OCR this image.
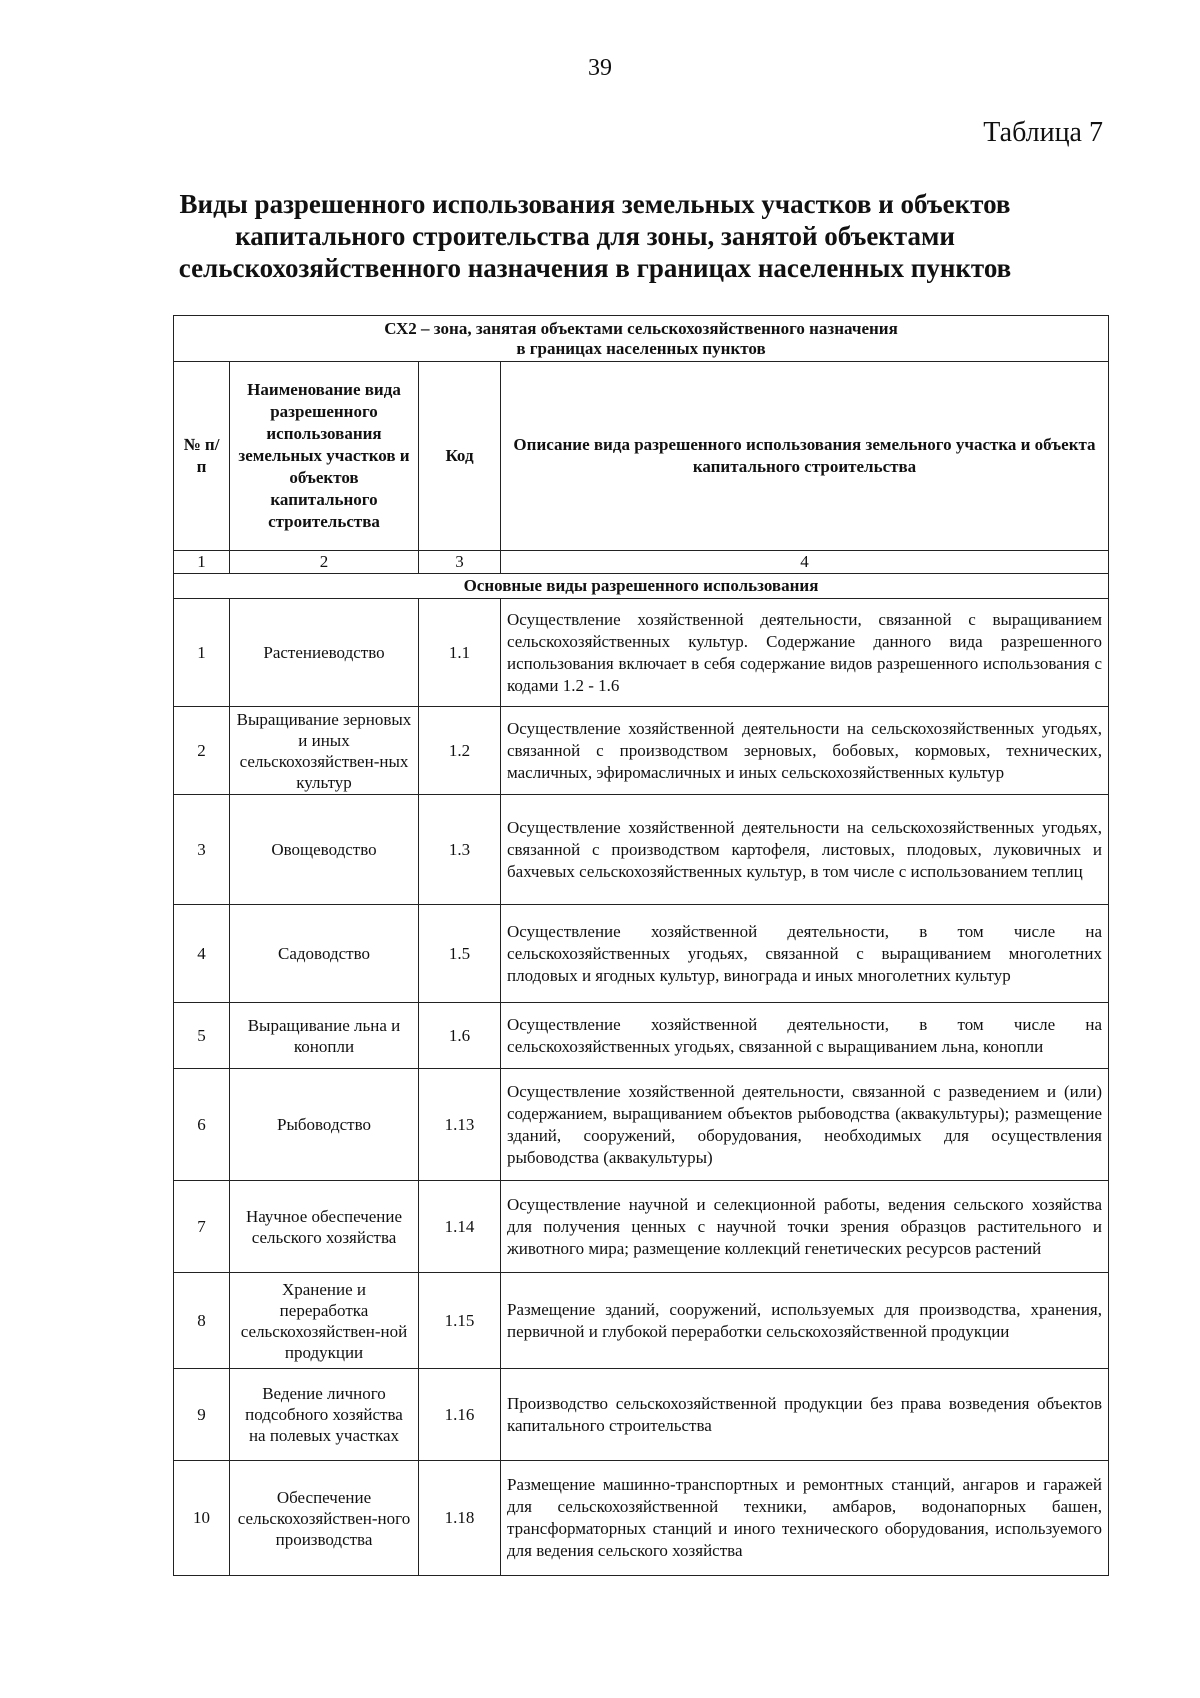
39
Таблица 7
Виды разрешенного использования земельных участков и объектов
капитального строительства для зоны, занятой объектами
сельскохозяйственного назначения в границах населенных пунктов
СХ2 – зона, занятая объектами сельскохозяйственного назначения
в границах населенных пунктов			

№ п/п	Наименование вида разрешенного использования земельных участков и объектов капитального строительства	Код	Описание вида разрешенного использования земельного участка и объекта капитального строительства
1	2	3	4
Основные виды разрешенного использования			
1	Растениеводство	1.1	Осуществление хозяйственной деятельности, связанной с выращиванием сельскохозяйственных культур. Содержание данного вида разрешенного использования включает в себя содержание видов разрешенного использования с кодами 1.2 - 1.6
2	Выращивание зерновых и иных сельскохозяйствен-ных культур	1.2	Осуществление хозяйственной деятельности на сельскохозяйственных угодьях, связанной с производством зерновых, бобовых, кормовых, технических, масличных, эфиромасличных и иных сельскохозяйственных культур
3	Овощеводство	1.3	Осуществление хозяйственной деятельности на сельскохозяйственных угодьях, связанной с производством картофеля, листовых, плодовых, луковичных и бахчевых сельскохозяйственных культур, в том числе с использованием теплиц
4	Садоводство	1.5	Осуществление хозяйственной деятельности, в том числе на сельскохозяйственных угодьях, связанной с выращиванием многолетних плодовых и ягодных культур, винограда и иных многолетних культур
5	Выращивание льна и конопли	1.6	Осуществление хозяйственной деятельности, в том числе на сельскохозяйственных угодьях, связанной с выращиванием льна, конопли
6	Рыбоводство	1.13	Осуществление хозяйственной деятельности, связанной с разведением и (или) содержанием, выращиванием объектов рыбоводства (аквакультуры); размещение зданий, сооружений, оборудования, необходимых для осуществления рыбоводства (аквакультуры)
7	Научное обеспечение сельского хозяйства	1.14	Осуществление научной и селекционной работы, ведения сельского хозяйства для получения ценных с научной точки зрения образцов растительного и животного мира; размещение коллекций генетических ресурсов растений
8	Хранение и переработка сельскохозяйствен-ной продукции	1.15	Размещение зданий, сооружений, используемых для производства, хранения, первичной и глубокой переработки сельскохозяйственной продукции
9	Ведение личного подсобного хозяйства на полевых участках	1.16	Производство сельскохозяйственной продукции без права возведения объектов капитального строительства
10	Обеспечение сельскохозяйствен-ного производства	1.18	Размещение машинно-транспортных и ремонтных станций, ангаров и гаражей для сельскохозяйственной техники, амбаров, водонапорных башен, трансформаторных станций и иного технического оборудования, используемого для ведения сельского хозяйства
